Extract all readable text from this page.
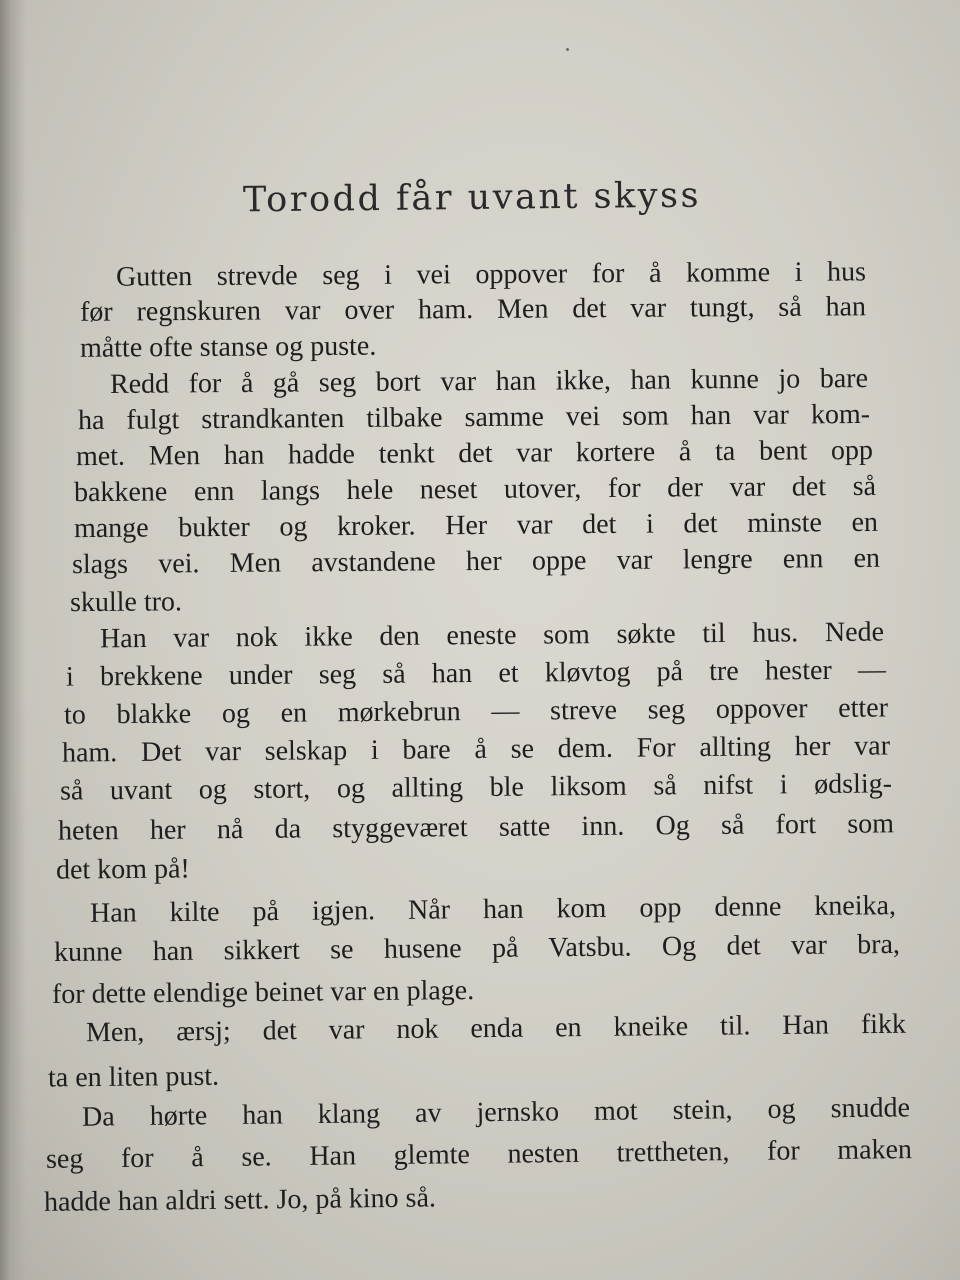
Torodd får uvant skyss
Gutten strevde seg i vei oppover for å komme i hus
før regnskuren var over ham. Men det var tungt, så han
måtte ofte stanse og puste.
Redd for å gå seg bort var han ikke, han kunne jo bare
ha fulgt strandkanten tilbake samme vei som han var kom-
met. Men han hadde tenkt det var kortere å ta bent opp
bakkene enn langs hele neset utover, for der var det så
mange bukter og kroker. Her var det i det minste en
slags vei. Men avstandene her oppe var lengre enn en
skulle tro.
Han var nok ikke den eneste som søkte til hus. Nede
i brekkene under seg så han et kløvtog på tre hester —
to blakke og en mørkebrun — streve seg oppover etter
ham. Det var selskap i bare å se dem. For allting her var
så uvant og stort, og allting ble liksom så nifst i ødslig-
heten her nå da styggeværet satte inn. Og så fort som
det kom på!
Han kilte på igjen. Når han kom opp denne kneika,
kunne han sikkert se husene på Vatsbu. Og det var bra,
for dette elendige beinet var en plage.
Men, ærsj; det var nok enda en kneike til. Han fikk
ta en liten pust.
Da hørte han klang av jernsko mot stein, og snudde
seg for å se. Han glemte nesten trettheten, for maken
hadde han aldri sett. Jo, på kino så.
